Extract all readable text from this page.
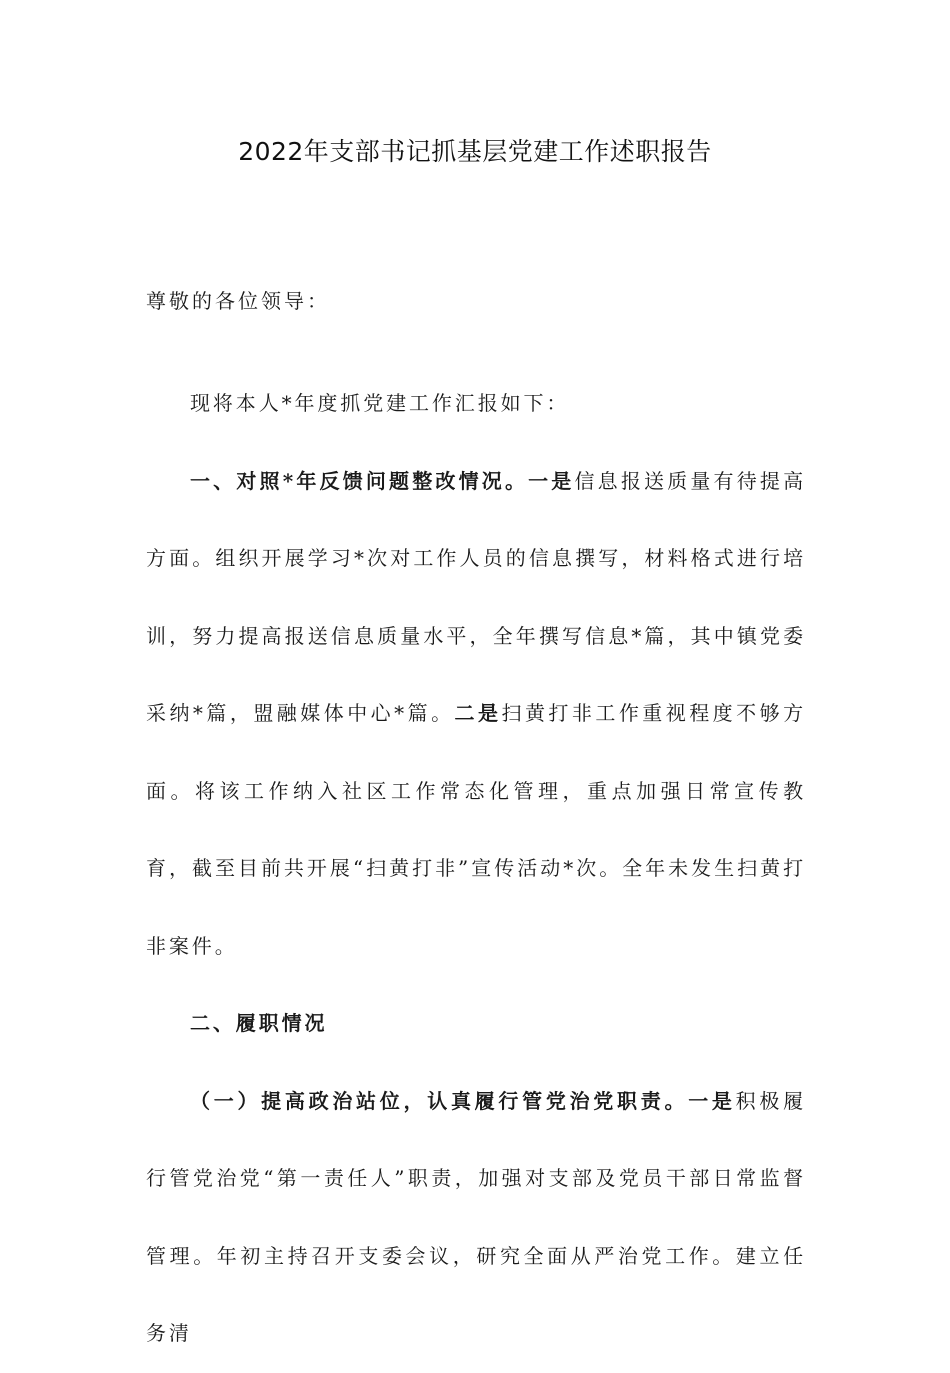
2022年支部书记抓基层党建工作述职报告

尊敬的各位领导：

现将本人*年度抓党建工作汇报如下：

一、对照*年反馈问题整改情况。一是信息报送质量有待提高方面。组织开展学习*次对工作人员的信息撰写，材料格式进行培训，努力提高报送信息质量水平，全年撰写信息*篇，其中镇党委采纳*篇，盟融媒体中心*篇。二是扫黄打非工作重视程度不够方面。将该工作纳入社区工作常态化管理，重点加强日常宣传教育，截至目前共开展“扫黄打非”宣传活动*次。全年未发生扫黄打非案件。

二、履职情况

（一）提高政治站位，认真履行管党治党职责。一是积极履行管党治党“第一责任人”职责，加强对支部及党员干部日常监督管理。年初主持召开支委会议，研究全面从严治党工作。建立任务清
